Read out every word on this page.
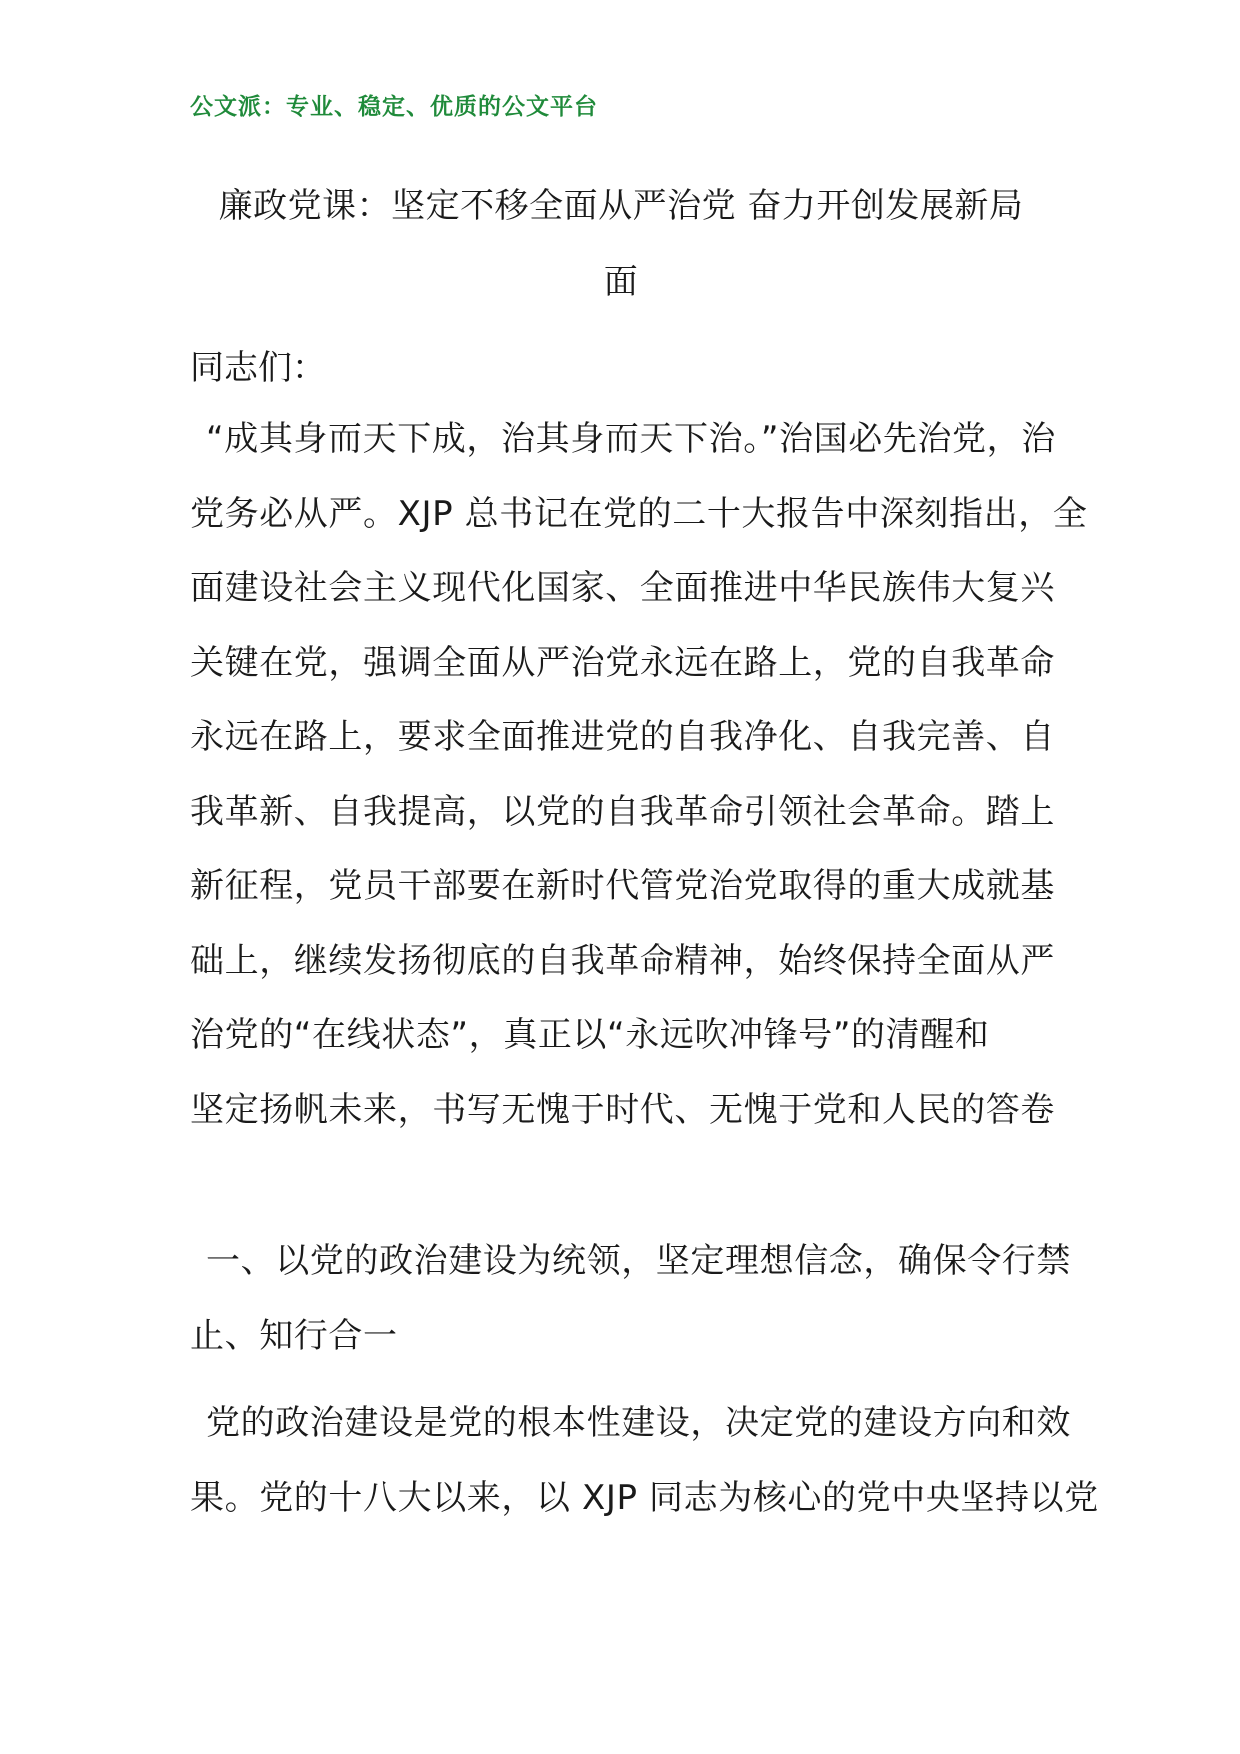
公文派：专业、稳定、优质的公文平台
廉政党课：坚定不移全面从严治党 奋力开创发展新局
面
同志们：
“成其身而天下成，治其身而天下治。”治国必先治党，治
党务必从严。XJP 总书记在党的二十大报告中深刻指出，全
面建设社会主义现代化国家、全面推进中华民族伟大复兴
关键在党，强调全面从严治党永远在路上，党的自我革命
永远在路上，要求全面推进党的自我净化、自我完善、自
我革新、自我提高，以党的自我革命引领社会革命。踏上
新征程，党员干部要在新时代管党治党取得的重大成就基
础上，继续发扬彻底的自我革命精神，始终保持全面从严
治党的“在线状态”，真正以“永远吹冲锋号”的清醒和
坚定扬帆未来，书写无愧于时代、无愧于党和人民的答卷
一、以党的政治建设为统领，坚定理想信念，确保令行禁
止、知行合一
党的政治建设是党的根本性建设，决定党的建设方向和效
果。党的十八大以来，以 XJP 同志为核心的党中央坚持以党
